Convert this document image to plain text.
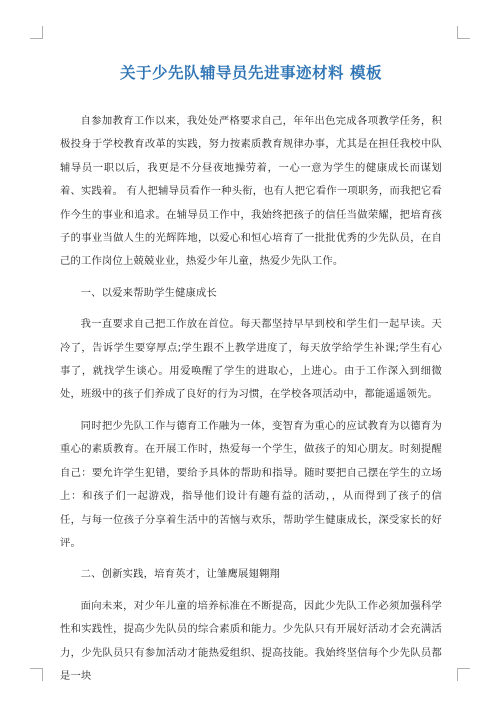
关于少先队辅导员先进事迹材料 模板

自参加教育工作以来，我处处严格要求自己，年年出色完成各项教学任务，积极投身于学校教育改革的实践，努力按素质教育规律办事，尤其是在担任我校中队辅导员一职以后，我更是不分昼夜地操劳着，一心一意为学生的健康成长而谋划着、实践着。 有人把辅导员看作一种头衔，也有人把它看作一项职务，而我把它看作今生的事业和追求。在辅导员工作中，我始终把孩子的信任当做荣耀，把培育孩子的事业当做人生的光辉阵地，以爱心和恒心培育了一批批优秀的少先队员，在自己的工作岗位上兢兢业业，热爱少年儿童，热爱少先队工作。

一、以爱来帮助学生健康成长

我一直要求自己把工作放在首位。每天都坚持早早到校和学生们一起早读。天冷了，告诉学生要穿厚点;学生跟不上教学进度了，每天放学给学生补课;学生有心事了，就找学生谈心。用爱唤醒了学生的进取心，上进心。由于工作深入到细微处，班级中的孩子们养成了良好的行为习惯，在学校各项活动中，都能遥遥领先。

同时把少先队工作与德育工作融为一体，变智育为重心的应试教育为以德育为重心的素质教育。在开展工作时，热爱每一个学生，做孩子的知心朋友。时刻提醒自己：要允许学生犯错，要给予具体的帮助和指导。随时要把自己摆在学生的立场上：和孩子们一起游戏，指导他们设计有趣有益的活动，，从而得到了孩子的信任，与每一位孩子分享着生活中的苦恼与欢乐，帮助学生健康成长，深受家长的好评。

二、创新实践，培育英才，让雏鹰展翅翱翔

面向未来，对少年儿童的培养标准在不断提高，因此少先队工作必须加强科学性和实践性，提高少先队员的综合素质和能力。少先队只有开展好活动才会充满活力，少先队员只有参加活动才能热爱组织、提高技能。我始终坚信每个少先队员都是一块
